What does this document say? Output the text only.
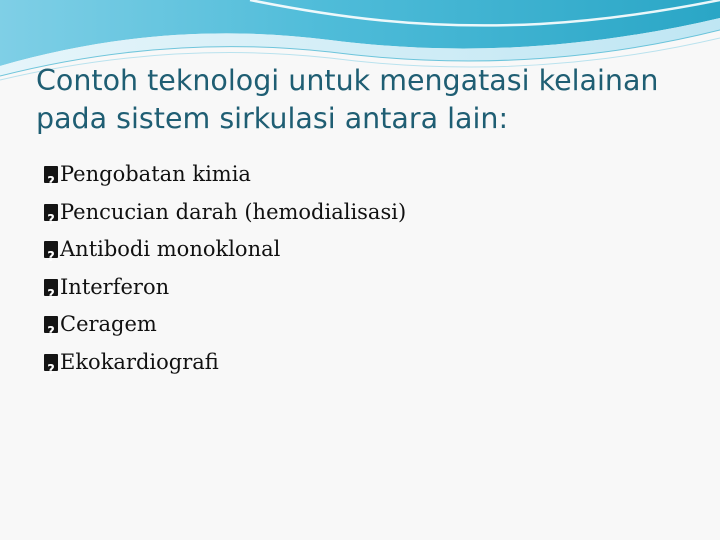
Contoh teknologi untuk mengatasi kelainan
pada sistem sirkulasi antara lain:
?Pengobatan kimia
?Pencucian darah (hemodialisasi)
?Antibodi monoklonal
?Interferon
?Ceragem
?Ekokardiografi
